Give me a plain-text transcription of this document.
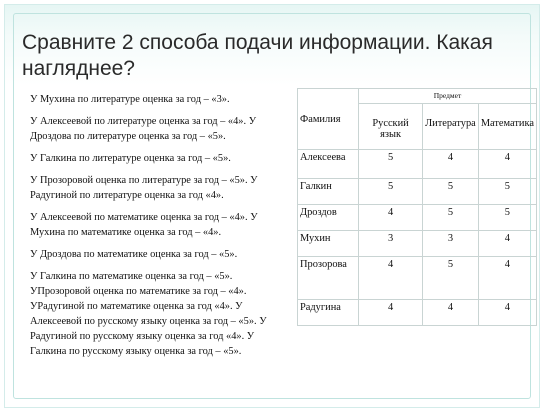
Сравните 2 способа подачи информации. Какая нагляднее?

У Мухина по литературе оценка за год – «3».

У Алексеевой по литературе оценка за год – «4». У Дроздова по литературе оценка за год – «5».

У Галкина по литературе оценка за год – «5».

У Прозоровой оценка по литературе за год – «5». У Радугиной по литературе оценка за год «4».

У Алексеевой по математике оценка за год – «4». У Мухина по математике оценка за год – «4».

У Дроздова по математике оценка за год – «5».

У Галкина по математике оценка за год – «5». УПрозоровой оценка по математике за год – «4». УРадугиной по математике оценка за год «4». У Алексеевой по русскому языку оценка за год – «5». У Радугиной по русскому языку оценка за год «4». У Галкина по русскому языку оценка за год – «5».

Фамилия	Предмет		
	Русский язык	Литература	Математика
Алексеева	5	4	4
Галкин	5	5	5
Дроздов	4	5	5
Мухин	3	3	4
Прозорова	4	5	4
Радугина	4	4	4
